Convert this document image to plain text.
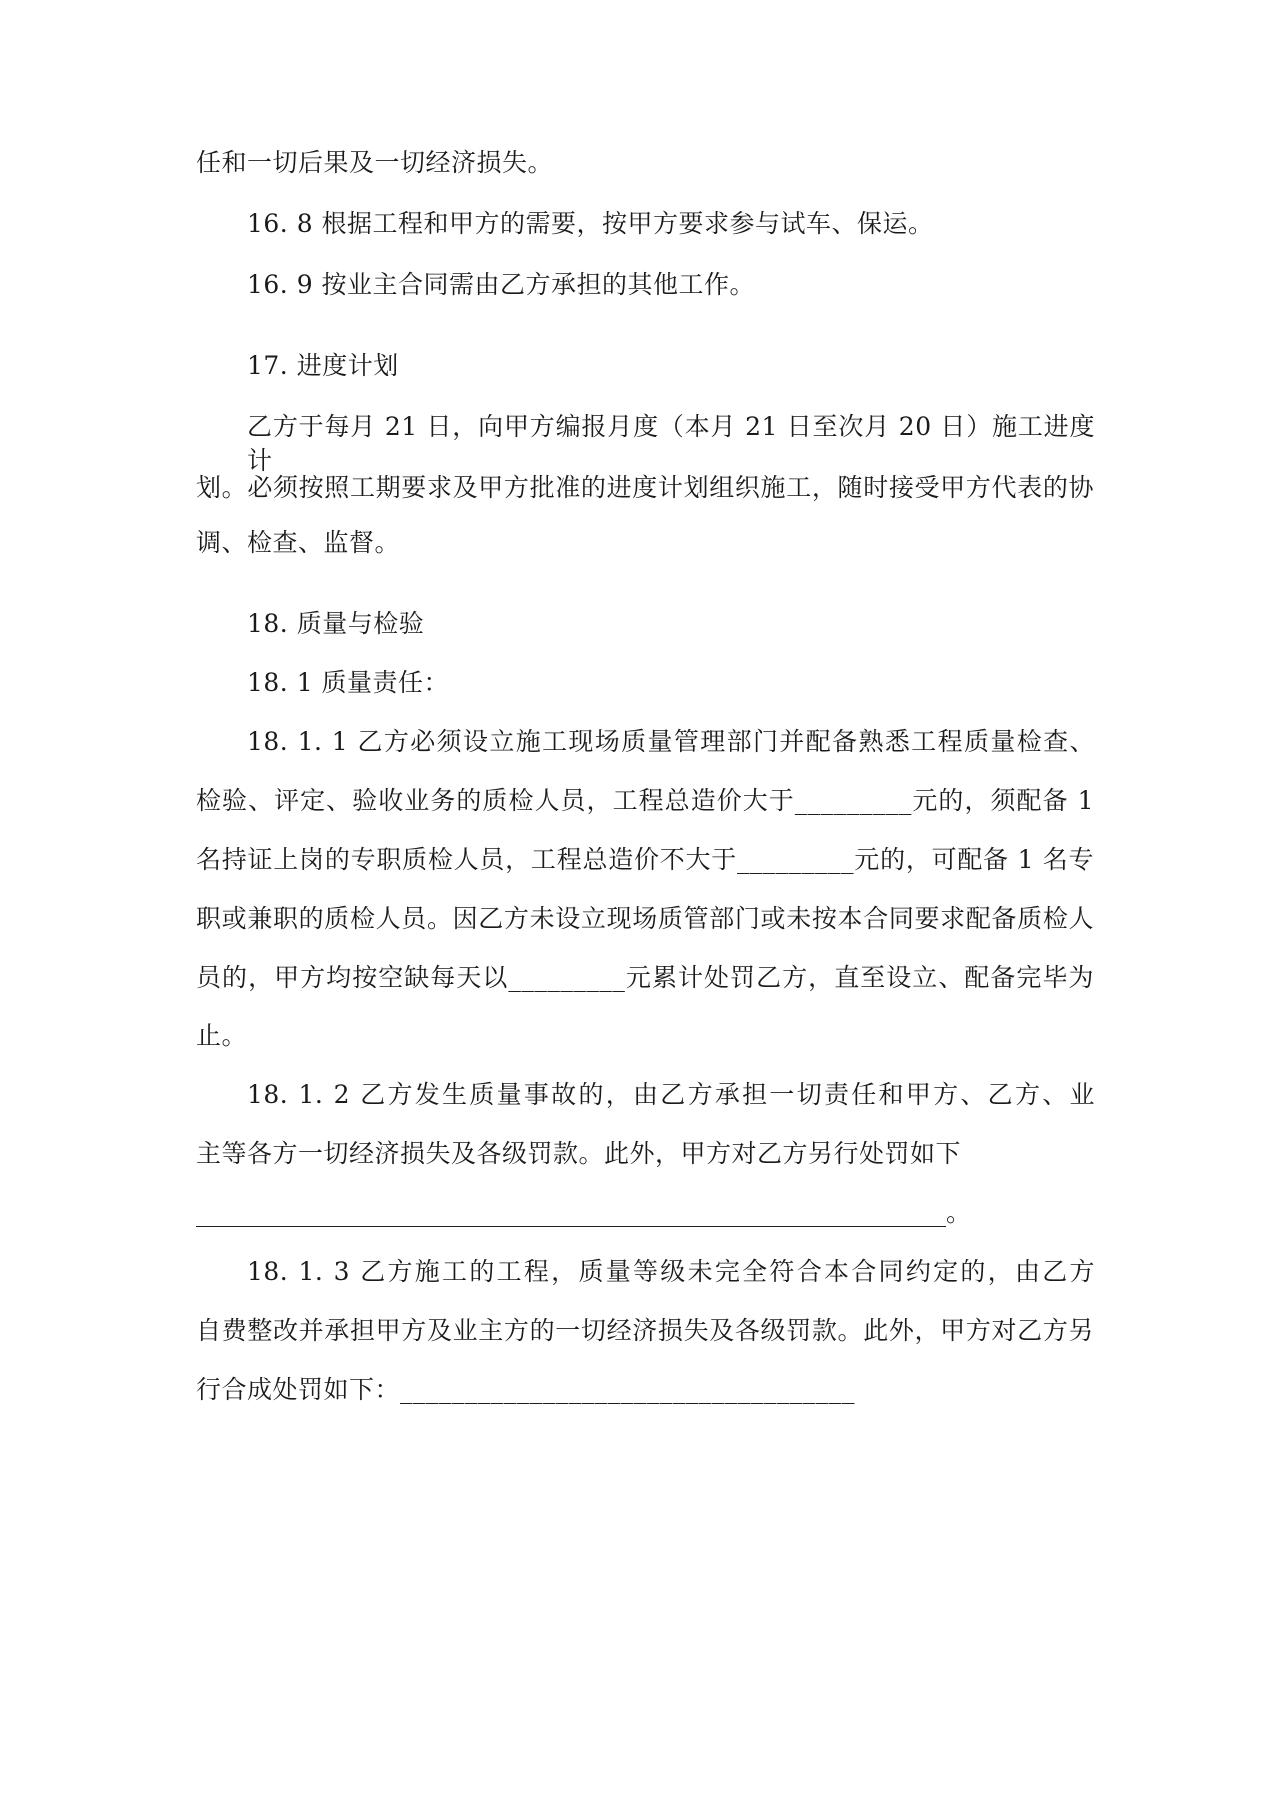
任和一切后果及一切经济损失。
16. 8 根据工程和甲方的需要，按甲方要求参与试车、保运。
16. 9 按业主合同需由乙方承担的其他工作。
17. 进度计划
乙方于每月 21 日，向甲方编报月度（本月 21 日至次月 20 日）施工进度计
划。必须按照工期要求及甲方批准的进度计划组织施工，随时接受甲方代表的协
调、检查、监督。
18. 质量与检验
18. 1 质量责任：
18. 1. 1 乙方必须设立施工现场质量管理部门并配备熟悉工程质量检查、
检验、评定、验收业务的质检人员，工程总造价大于_________元的，须配备 1
名持证上岗的专职质检人员，工程总造价不大于_________元的，可配备 1 名专
职或兼职的质检人员。因乙方未设立现场质管部门或未按本合同要求配备质检人
员的，甲方均按空缺每天以_________元累计处罚乙方，直至设立、配备完毕为
止。
18. 1. 2 乙方发生质量事故的，由乙方承担一切责任和甲方、乙方、业
主等各方一切经济损失及各级罚款。此外，甲方对乙方另行处罚如下
____________________________________________________________。
18. 1. 3 乙方施工的工程，质量等级未完全符合本合同约定的，由乙方
自费整改并承担甲方及业主方的一切经济损失及各级罚款。此外，甲方对乙方另
行合成处罚如下：___________________________________
